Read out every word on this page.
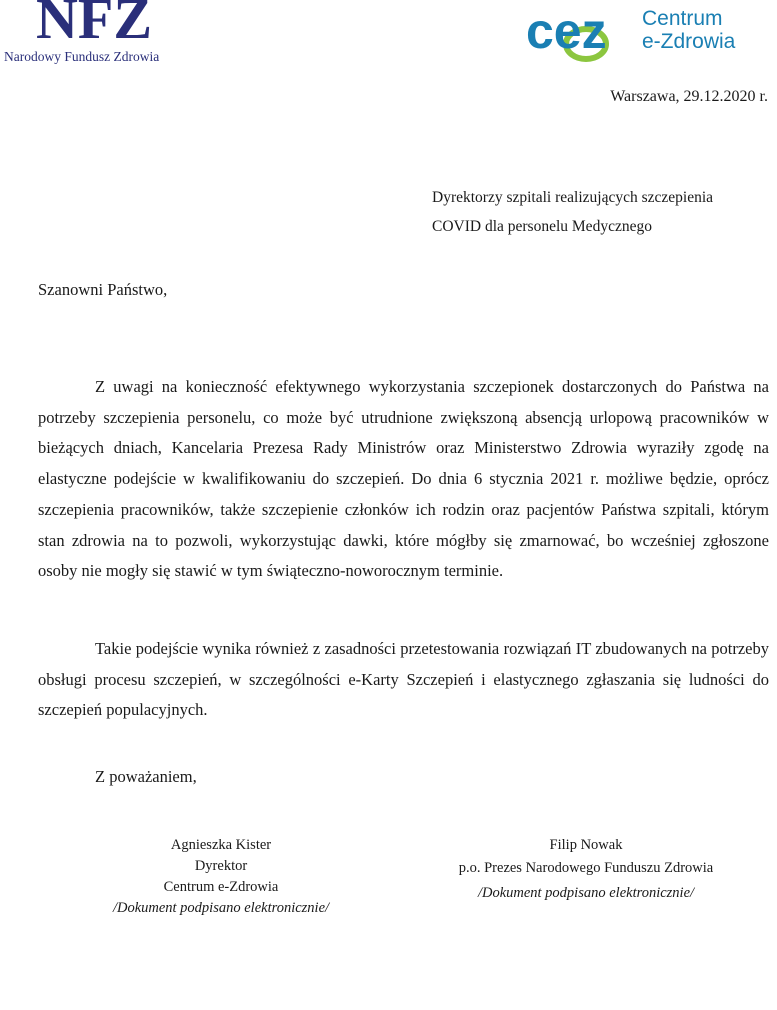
NFZ
Narodowy Fundusz Zdrowia	cez Centrum
e-Zdrowia
Warszawa, 29.12.2020 r.
Dyrektorzy szpitali realizujących szczepienia
COVID dla personelu Medycznego
Szanowni Państwo,

Z uwagi na konieczność efektywnego wykorzystania szczepionek dostarczonych do Państwa na potrzeby szczepienia personelu, co może być utrudnione zwiększoną absencją urlopową pracowników w bieżących dniach, Kancelaria Prezesa Rady Ministrów oraz Ministerstwo Zdrowia wyraziły zgodę na elastyczne podejście w kwalifikowaniu do szczepień. Do dnia 6 stycznia 2021 r. możliwe będzie, oprócz szczepienia pracowników, także szczepienie członków ich rodzin oraz pacjentów Państwa szpitali, którym stan zdrowia na to pozwoli, wykorzystując dawki, które mógłby się zmarnować, bo wcześniej zgłoszone osoby nie mogły się stawić w tym świąteczno-noworocznym terminie.

Takie podejście wynika również z zasadności przetestowania rozwiązań IT zbudowanych na potrzeby obsługi procesu szczepień, w szczególności e-Karty Szczepień i elastycznego zgłaszania się ludności do szczepień populacyjnych.

Z poważaniem,
Agnieszka Kister
Dyrektor
Centrum e-Zdrowia
/Dokument podpisano elektronicznie/
Filip Nowak
p.o. Prezes Narodowego Funduszu Zdrowia
/Dokument podpisano elektronicznie/
